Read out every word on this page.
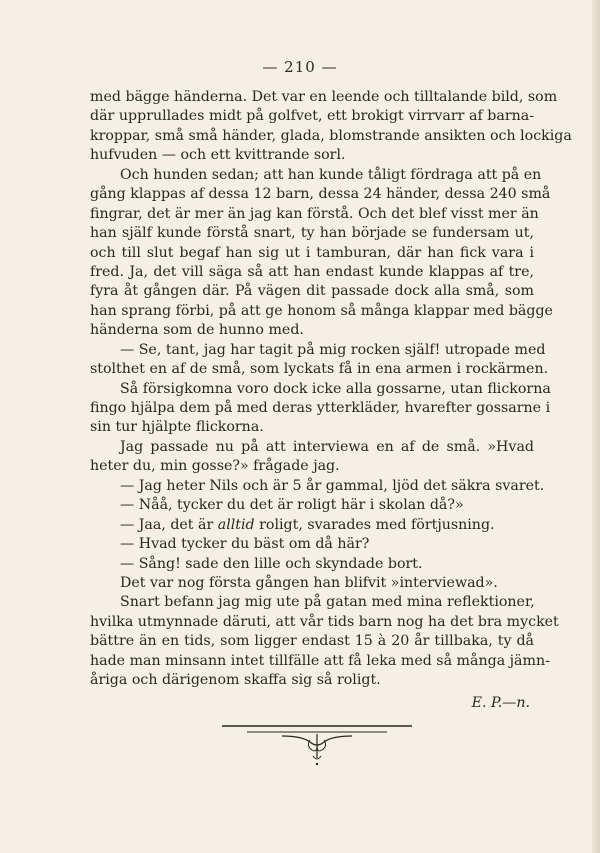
— 210 —
med bägge händerna. Det var en leende och tilltalande bild, som
där upprullades midt på golfvet, ett brokigt virrvarr af barna-
kroppar, små små händer, glada, blomstrande ansikten och lockiga
hufvuden — och ett kvittrande sorl.
Och hunden sedan; att han kunde tåligt fördraga att på en
gång klappas af dessa 12 barn, dessa 24 händer, dessa 240 små
fingrar, det är mer än jag kan förstå. Och det blef visst mer än
han själf kunde förstå snart, ty han började se fundersam ut,
och till slut begaf han sig ut i tamburan, där han fick vara i
fred. Ja, det vill säga så att han endast kunde klappas af tre,
fyra åt gången där. På vägen dit passade dock alla små, som
han sprang förbi, på att ge honom så många klappar med bägge
händerna som de hunno med.
— Se, tant, jag har tagit på mig rocken själf! utropade med
stolthet en af de små, som lyckats få in ena armen i rockärmen.
Så försigkomna voro dock icke alla gossarne, utan flickorna
fingo hjälpa dem på med deras ytterkläder, hvarefter gossarne i
sin tur hjälpte flickorna.
Jag passade nu på att interviewa en af de små. »Hvad
heter du, min gosse?» frågade jag.
— Jag heter Nils och är 5 år gammal, ljöd det säkra svaret.
— Nåå, tycker du det är roligt här i skolan då?»
— Jaa, det är alltid roligt, svarades med förtjusning.
— Hvad tycker du bäst om då här?
— Sång! sade den lille och skyndade bort.
Det var nog första gången han blifvit »interviewad».
Snart befann jag mig ute på gatan med mina reflektioner,
hvilka utmynnade däruti, att vår tids barn nog ha det bra mycket
bättre än en tids, som ligger endast 15 à 20 år tillbaka, ty då
hade man minsann intet tillfälle att få leka med så många jämn-
åriga och därigenom skaffa sig så roligt.
E. P.—n.
